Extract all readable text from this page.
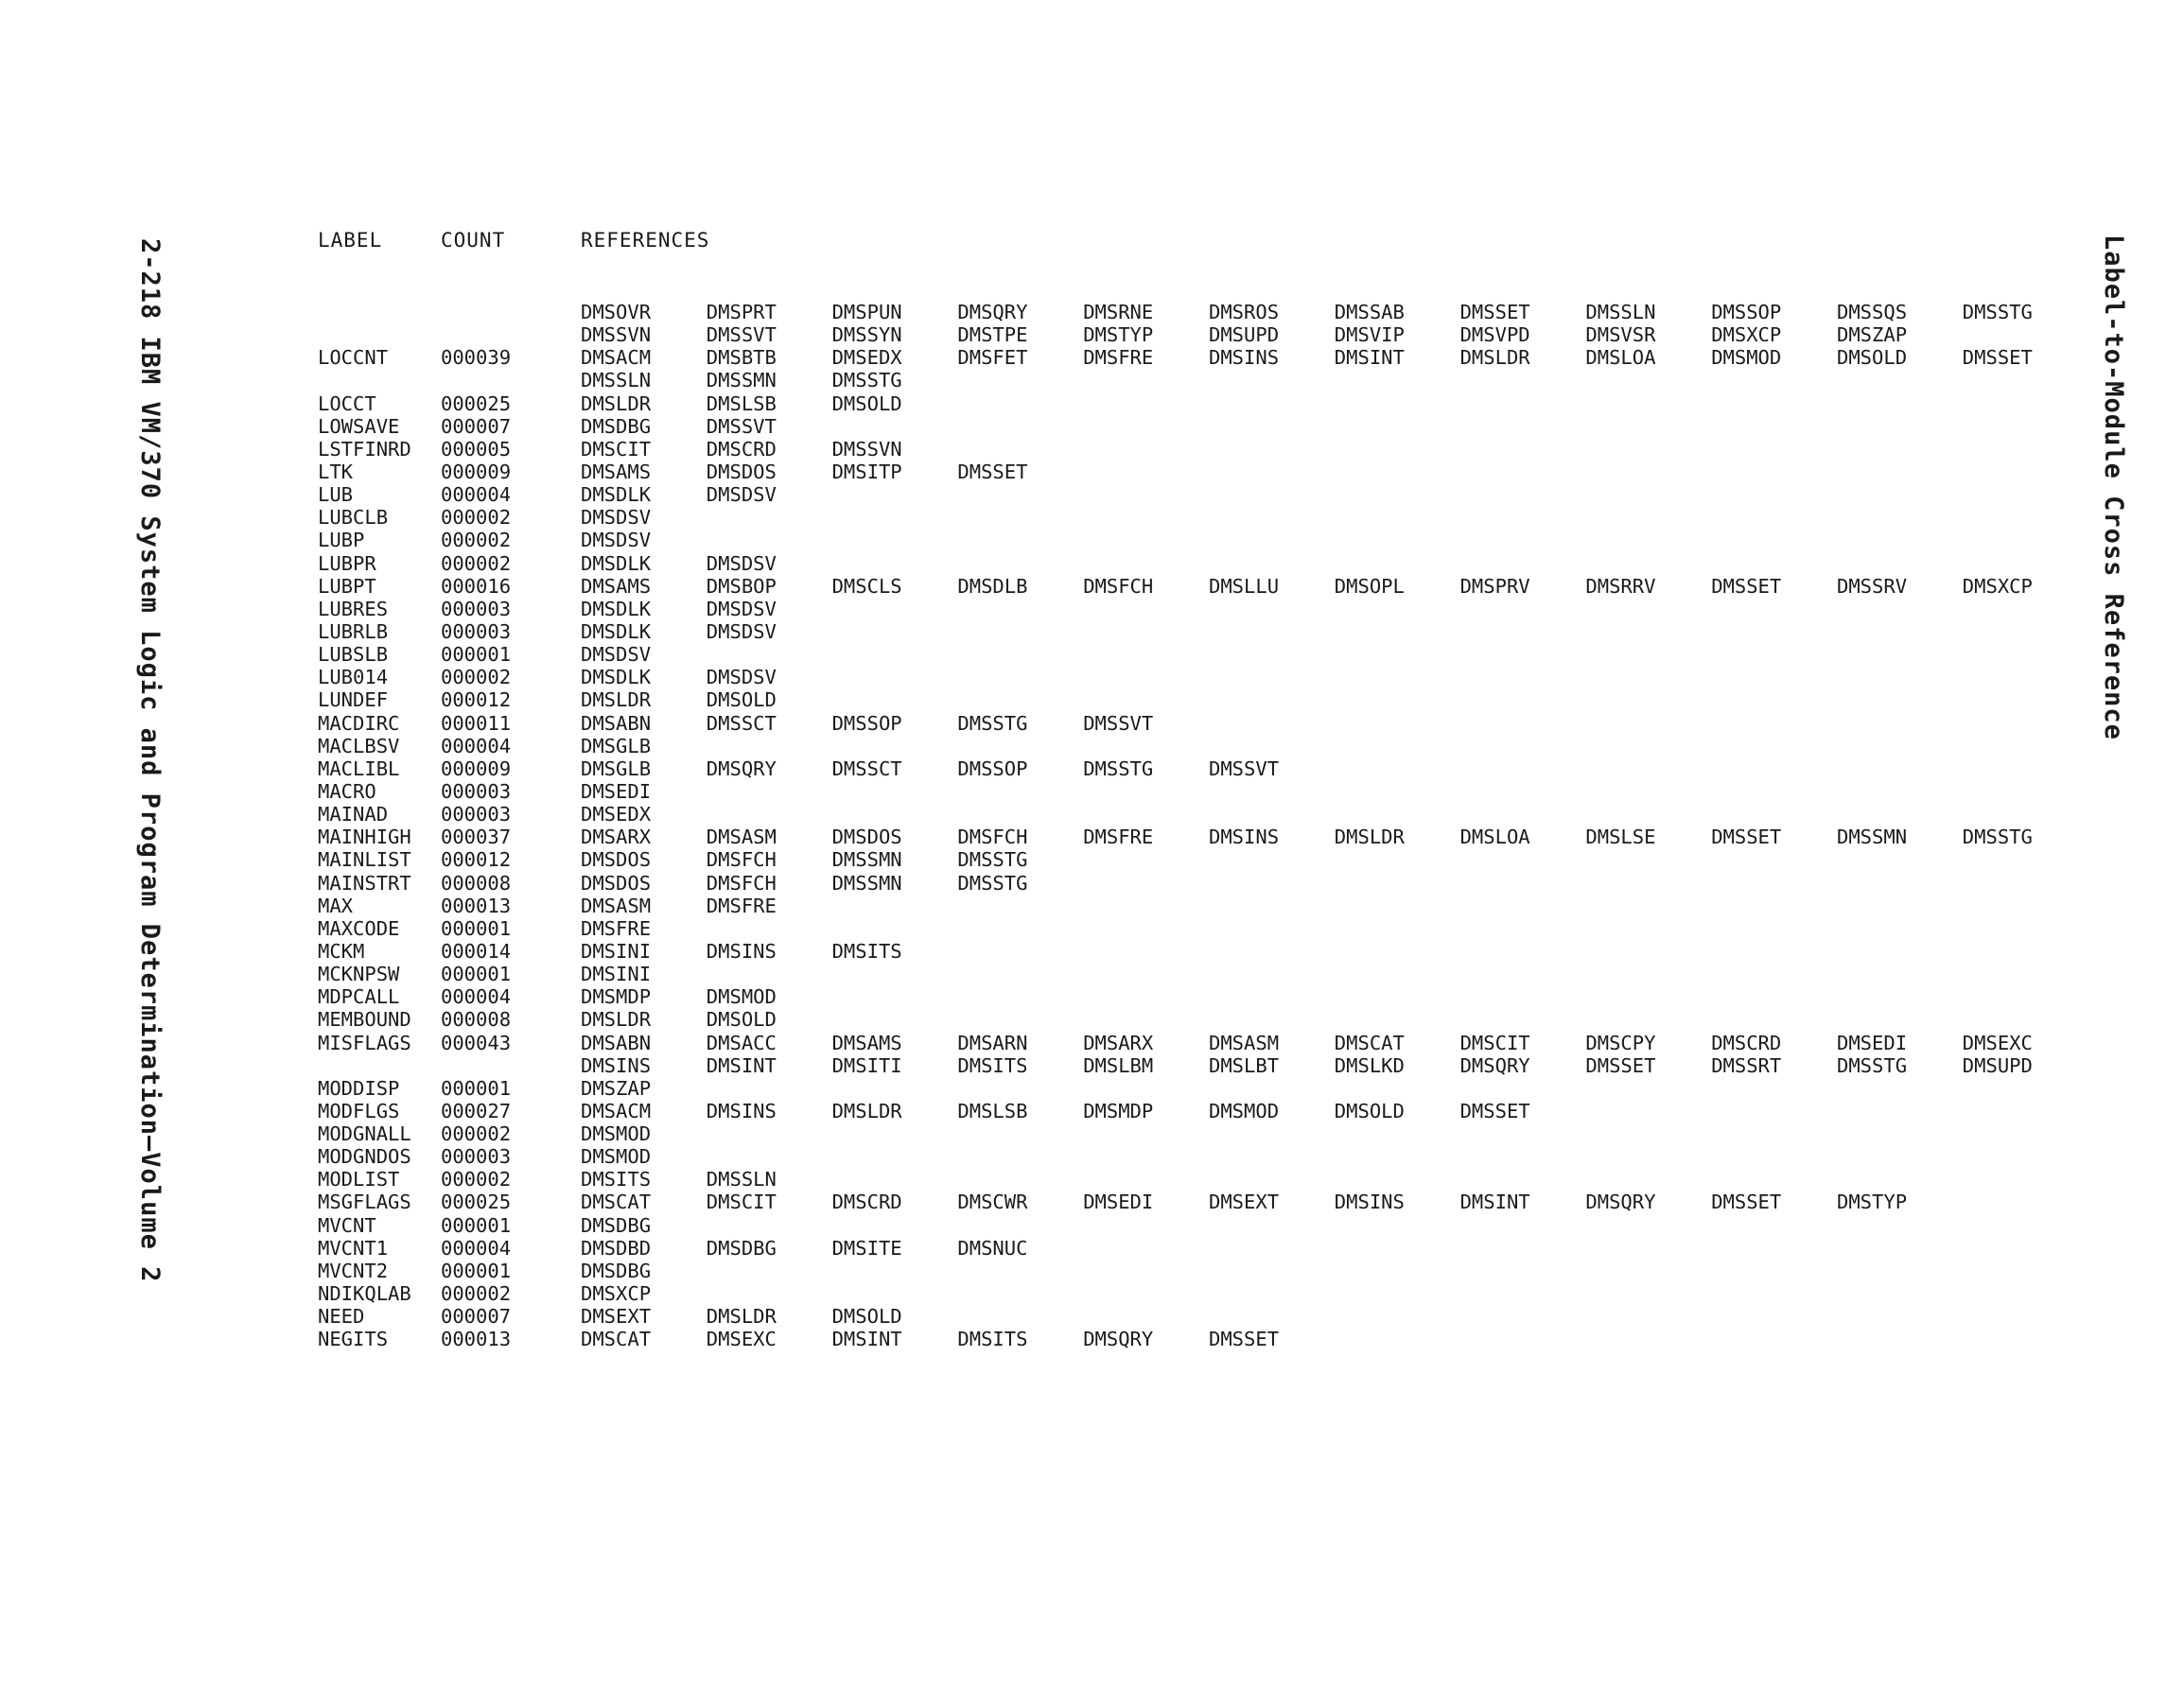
2-218 IBM VM/370 System Logic and Program Determination—Volume 2	Label-to-Module Cross Reference
LABEL	COUNT	REFERENCES
DMSOVR	DMSPRT	DMSPUN	DMSQRY	DMSRNE	DMSROS	DMSSAB	DMSSET	DMSSLN	DMSSOP	DMSSQS	DMSSTG
DMSSVN	DMSSVT	DMSSYN	DMSTPE	DMSTYP	DMSUPD	DMSVIP	DMSVPD	DMSVSR	DMSXCP	DMSZAP
LOCCNT	000039	DMSACM	DMSBTB	DMSEDX	DMSFET	DMSFRE	DMSINS	DMSINT	DMSLDR	DMSLOA	DMSMOD	DMSOLD	DMSSET
DMSSLN	DMSSMN	DMSSTG
LOCCT	000025	DMSLDR	DMSLSB	DMSOLD
LOWSAVE 000007	DMSDBG	DMSSVT
LSTFINRD 000005	DMSCIT	DMSCRD	DMSSVN
LTK	000009	DMSAMS	DMSDOS	DMSITP	DMSSET
LUB	000004	DMSDLK	DMSDSV
LUBCLB	000002	DMSDSV
LUBP	000002	DMSDSV
LUBPR	000002	DMSDLK	DMSDSV
LUBPT	000016	DMSAMS	DMSBOP	DMSCLS	DMSDLB	DMSFCH	DMSLLU	DMSOPL	DMSPRV	DMSRRV	DMSSET	DMSSRV	DMSXCP
LUBRES	000003	DMSDLK	DMSDSV
LUBRLB	000003	DMSDLK	DMSDSV
LUBSLB	000001	DMSDSV
LUB014	000002	DMSDLK	DMSDSV
LUNDEF	000012	DMSLDR	DMSOLD
MACDIRC 000011	DMSABN	DMSSCT	DMSSOP	DMSSTG	DMSSVT
MACLBSV 000004	DMSGLB
MACLIBL 000009	DMSGLB	DMSQRY	DMSSCT	DMSSOP	DMSSTG	DMSSVT
MACRO	000003	DMSEDI
MAINAD	000003	DMSEDX
MAINHIGH 000037	DMSARX	DMSASM	DMSDOS	DMSFCH	DMSFRE	DMSINS	DMSLDR	DMSLOA	DMSLSE	DMSSET	DMSSMN	DMSSTG
MAINLIST 000012	DMSDOS	DMSFCH	DMSSMN	DMSSTG
MAINSTRT 000008	DMSDOS	DMSFCH	DMSSMN	DMSSTG
MAX	000013	DMSASM	DMSFRE
MAXCODE 000001	DMSFRE
MCKM	000014	DMSINI	DMSINS	DMSITS
MCKNPSW 000001	DMSINI
MDPCALL 000004	DMSMDP	DMSMOD
MEMBOUND 000008	DMSLDR	DMSOLD
MISFLAGS 000043	DMSABN	DMSACC	DMSAMS	DMSARN	DMSARX	DMSASM	DMSCAT	DMSCIT	DMSCPY	DMSCRD	DMSEDI	DMSEXC
DMSINS	DMSINT	DMSITI	DMSITS	DMSLBM	DMSLBT	DMSLKD	DMSQRY	DMSSET	DMSSRT	DMSSTG	DMSUPD
MODDISP 000001	DMSZAP
MODFLGS 000027	DMSACM	DMSINS	DMSLDR	DMSLSB	DMSMDP	DMSMOD	DMSOLD	DMSSET
MODGNALL 000002	DMSMOD
MODGNDOS 000003	DMSMOD
MODLIST 000002	DMSITS	DMSSLN
MSGFLAGS 000025	DMSCAT	DMSCIT	DMSCRD	DMSCWR	DMSEDI	DMSEXT	DMSINS	DMSINT	DMSQRY	DMSSET	DMSTYP
MVCNT	000001	DMSDBG
MVCNT1	000004	DMSDBD	DMSDBG	DMSITE	DMSNUC
MVCNT2	000001	DMSDBG
NDIKQLAB 000002	DMSXCP
NEED	000007	DMSEXT	DMSLDR	DMSOLD
NEGITS	000013	DMSCAT	DMSEXC	DMSINT	DMSITS	DMSQRY	DMSSET
